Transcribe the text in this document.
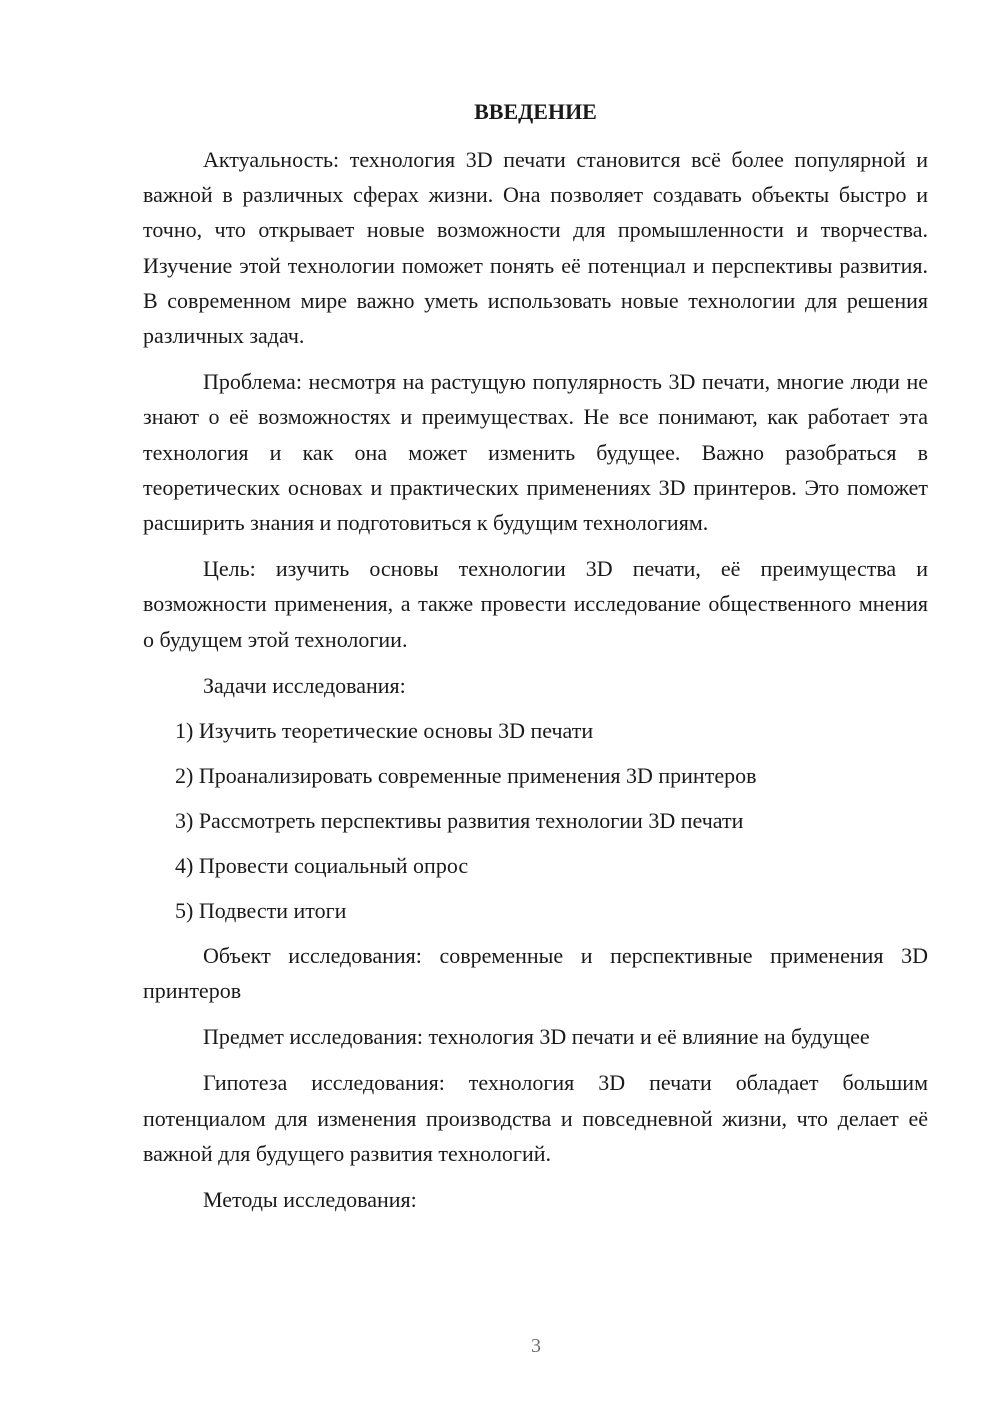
ВВЕДЕНИЕ

Актуальность: технология 3D печати становится всё более популярной и важной в различных сферах жизни. Она позволяет создавать объекты быстро и точно, что открывает новые возможности для промышленности и творчества. Изучение этой технологии поможет понять её потенциал и перспективы развития. В современном мире важно уметь использовать новые технологии для решения различных задач.

Проблема: несмотря на растущую популярность 3D печати, многие люди не знают о её возможностях и преимуществах. Не все понимают, как работает эта технология и как она может изменить будущее. Важно разобраться в теоретических основах и практических применениях 3D принтеров. Это поможет расширить знания и подготовиться к будущим технологиям.

Цель: изучить основы технологии 3D печати, её преимущества и возможности применения, а также провести исследование общественного мнения о будущем этой технологии.

Задачи исследования:
1) Изучить теоретические основы 3D печати
2) Проанализировать современные применения 3D принтеров
3) Рассмотреть перспективы развития технологии 3D печати
4) Провести социальный опрос
5) Подвести итоги

Объект исследования: современные и перспективные применения 3D принтеров

Предмет исследования: технология 3D печати и её влияние на будущее

Гипотеза исследования: технология 3D печати обладает большим потенциалом для изменения производства и повседневной жизни, что делает её важной для будущего развития технологий.

Методы исследования:
3
